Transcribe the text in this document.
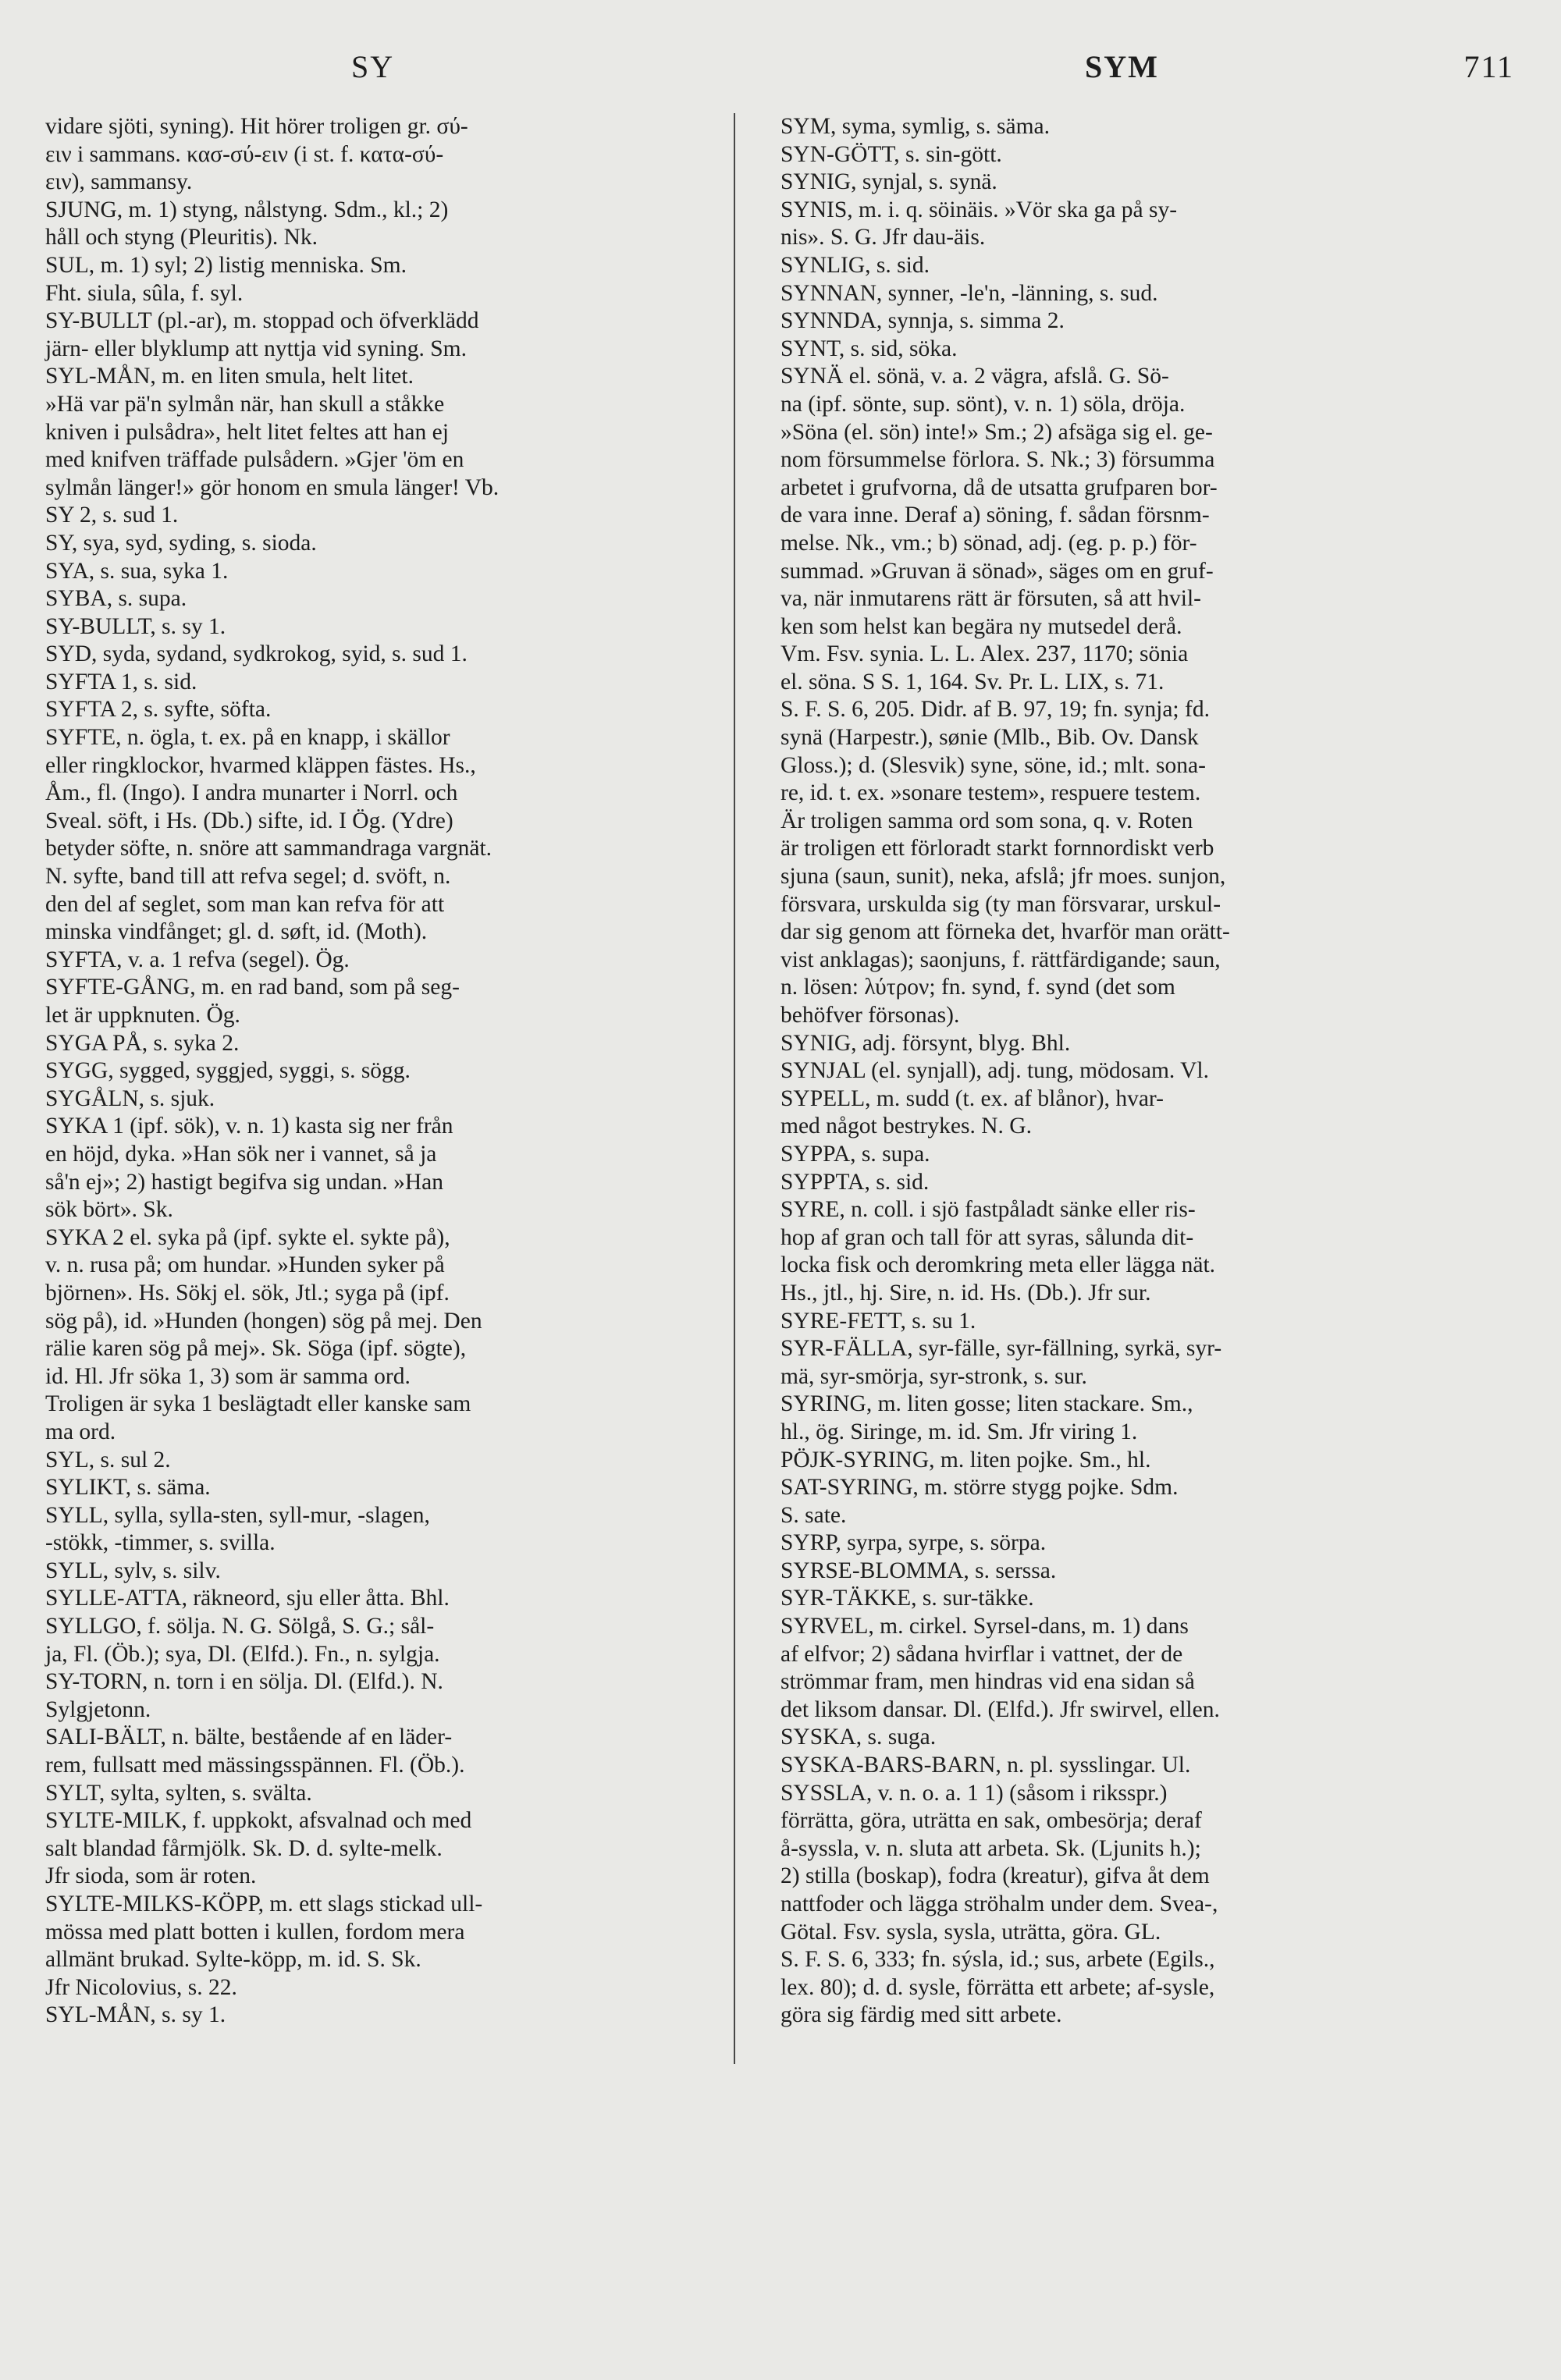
SY	SYM	711
vidare sjöti, syning). Hit hörer troligen gr. σύ-
ειν i sammans. κασ-σύ-ειν (i st. f. κατα-σύ-
ειν), sammansy.
SJUNG, m. 1) styng, nålstyng. Sdm., kl.; 2)
håll och styng (Pleuritis). Nk.
SUL, m. 1) syl; 2) listig menniska. Sm.
Fht. siula, sûla, f. syl.
SY-BULLT (pl.-ar), m. stoppad och öfverklädd
järn- eller blyklump att nyttja vid syning. Sm.
SYL-MÅN, m. en liten smula, helt litet.
»Hä var pä'n sylmån när, han skull a ståkke
kniven i pulsådra», helt litet feltes att han ej
med knifven träffade pulsådern. »Gjer 'öm en
sylmån länger!» gör honom en smula länger! Vb.
SY 2, s. sud 1.
SY, sya, syd, syding, s. sioda.
SYA, s. sua, syka 1.
SYBA, s. supa.
SY-BULLT, s. sy 1.
SYD, syda, sydand, sydkrokog, syid, s. sud 1.
SYFTA 1, s. sid.
SYFTA 2, s. syfte, söfta.
SYFTE, n. ögla, t. ex. på en knapp, i skällor
eller ringklockor, hvarmed kläppen fästes. Hs.,
Åm., fl. (Ingo). I andra munarter i Norrl. och
Sveal. söft, i Hs. (Db.) sifte, id. I Ög. (Ydre)
betyder söfte, n. snöre att sammandraga vargnät.
N. syfte, band till att refva segel; d. svöft, n.
den del af seglet, som man kan refva för att
minska vindfånget; gl. d. søft, id. (Moth).
SYFTA, v. a. 1 refva (segel). Ög.
SYFTE-GÅNG, m. en rad band, som på seg-
let är uppknuten. Ög.
SYGA PÅ, s. syka 2.
SYGG, sygged, syggjed, syggi, s. sögg.
SYGÅLN, s. sjuk.
SYKA 1 (ipf. sök), v. n. 1) kasta sig ner från
en höjd, dyka. »Han sök ner i vannet, så ja
så'n ej»; 2) hastigt begifva sig undan. »Han
sök bört». Sk.
SYKA 2 el. syka på (ipf. sykte el. sykte på),
v. n. rusa på; om hundar. »Hunden syker på
björnen». Hs. Sökj el. sök, Jtl.; syga på (ipf.
sög på), id. »Hunden (hongen) sög på mej. Den
rälie karen sög på mej». Sk. Söga (ipf. sögte),
id. Hl. Jfr söka 1, 3) som är samma ord.
Troligen är syka 1 beslägtadt eller kanske sam
ma ord.
SYL, s. sul 2.
SYLIKT, s. säma.
SYLL, sylla, sylla-sten, syll-mur, -slagen,
-stökk, -timmer, s. svilla.
SYLL, sylv, s. silv.
SYLLE-ATTA, räkneord, sju eller åtta. Bhl.
SYLLGO, f. sölja. N. G. Sölgå, S. G.; sål-
ja, Fl. (Öb.); sya, Dl. (Elfd.). Fn., n. sylgja.
SY-TORN, n. torn i en sölja. Dl. (Elfd.). N.
Sylgjetonn.
SALI-BÄLT, n. bälte, bestående af en läder-
rem, fullsatt med mässingsspännen. Fl. (Öb.).
SYLT, sylta, sylten, s. svälta.
SYLTE-MILK, f. uppkokt, afsvalnad och med
salt blandad fårmjölk. Sk. D. d. sylte-melk.
Jfr sioda, som är roten.
SYLTE-MILKS-KÖPP, m. ett slags stickad ull-
mössa med platt botten i kullen, fordom mera
allmänt brukad. Sylte-köpp, m. id. S. Sk.
Jfr Nicolovius, s. 22.
SYL-MÅN, s. sy 1.
SYM, syma, symlig, s. säma.
SYN-GÖTT, s. sin-gött.
SYNIG, synjal, s. synä.
SYNIS, m. i. q. söinäis. »Vör ska ga på sy-
nis». S. G. Jfr dau-äis.
SYNLIG, s. sid.
SYNNAN, synner, -le'n, -länning, s. sud.
SYNNDA, synnja, s. simma 2.
SYNT, s. sid, söka.
SYNÄ el. sönä, v. a. 2 vägra, afslå. G. Sö-
na (ipf. sönte, sup. sönt), v. n. 1) söla, dröja.
»Söna (el. sön) inte!» Sm.; 2) afsäga sig el. ge-
nom försummelse förlora. S. Nk.; 3) försumma
arbetet i grufvorna, då de utsatta grufparen bor-
de vara inne. Deraf a) söning, f. sådan försnm-
melse. Nk., vm.; b) sönad, adj. (eg. p. p.) för-
summad. »Gruvan ä sönad», säges om en gruf-
va, när inmutarens rätt är försuten, så att hvil-
ken som helst kan begära ny mutsedel derå.
Vm. Fsv. synia. L. L. Alex. 237, 1170; sönia
el. söna. S S. 1, 164. Sv. Pr. L. LIX, s. 71.
S. F. S. 6, 205. Didr. af B. 97, 19; fn. synja; fd.
synä (Harpestr.), sønie (Mlb., Bib. Ov. Dansk
Gloss.); d. (Slesvik) syne, söne, id.; mlt. sona-
re, id. t. ex. »sonare testem», respuere testem.
Är troligen samma ord som sona, q. v. Roten
är troligen ett förloradt starkt fornnordiskt verb
sjuna (saun, sunit), neka, afslå; jfr moes. sunjon,
försvara, urskulda sig (ty man försvarar, urskul-
dar sig genom att förneka det, hvarför man orätt-
vist anklagas); saonjuns, f. rättfärdigande; saun,
n. lösen: λύτρον; fn. synd, f. synd (det som
behöfver försonas).
SYNIG, adj. försynt, blyg. Bhl.
SYNJAL (el. synjall), adj. tung, mödosam. Vl.
SYPELL, m. sudd (t. ex. af blånor), hvar-
med något bestrykes. N. G.
SYPPA, s. supa.
SYPPTA, s. sid.
SYRE, n. coll. i sjö fastpåladt sänke eller ris-
hop af gran och tall för att syras, sålunda dit-
locka fisk och deromkring meta eller lägga nät.
Hs., jtl., hj. Sire, n. id. Hs. (Db.). Jfr sur.
SYRE-FETT, s. su 1.
SYR-FÄLLA, syr-fälle, syr-fällning, syrkä, syr-
mä, syr-smörja, syr-stronk, s. sur.
SYRING, m. liten gosse; liten stackare. Sm.,
hl., ög. Siringe, m. id. Sm. Jfr viring 1.
PÖJK-SYRING, m. liten pojke. Sm., hl.
SAT-SYRING, m. större stygg pojke. Sdm.
S. sate.
SYRP, syrpa, syrpe, s. sörpa.
SYRSE-BLOMMA, s. serssa.
SYR-TÄKKE, s. sur-täkke.
SYRVEL, m. cirkel. Syrsel-dans, m. 1) dans
af elfvor; 2) sådana hvirflar i vattnet, der de
strömmar fram, men hindras vid ena sidan så
det liksom dansar. Dl. (Elfd.). Jfr swirvel, ellen.
SYSKA, s. suga.
SYSKA-BARS-BARN, n. pl. sysslingar. Ul.
SYSSLA, v. n. o. a. 1 1) (såsom i riksspr.)
förrätta, göra, uträtta en sak, ombesörja; deraf
å-syssla, v. n. sluta att arbeta. Sk. (Ljunits h.);
2) stilla (boskap), fodra (kreatur), gifva åt dem
nattfoder och lägga ströhalm under dem. Svea-,
Götal. Fsv. sysla, sysla, uträtta, göra. GL.
S. F. S. 6, 333; fn. sýsla, id.; sus, arbete (Egils.,
lex. 80); d. d. sysle, förrätta ett arbete; af-sysle,
göra sig färdig med sitt arbete.
